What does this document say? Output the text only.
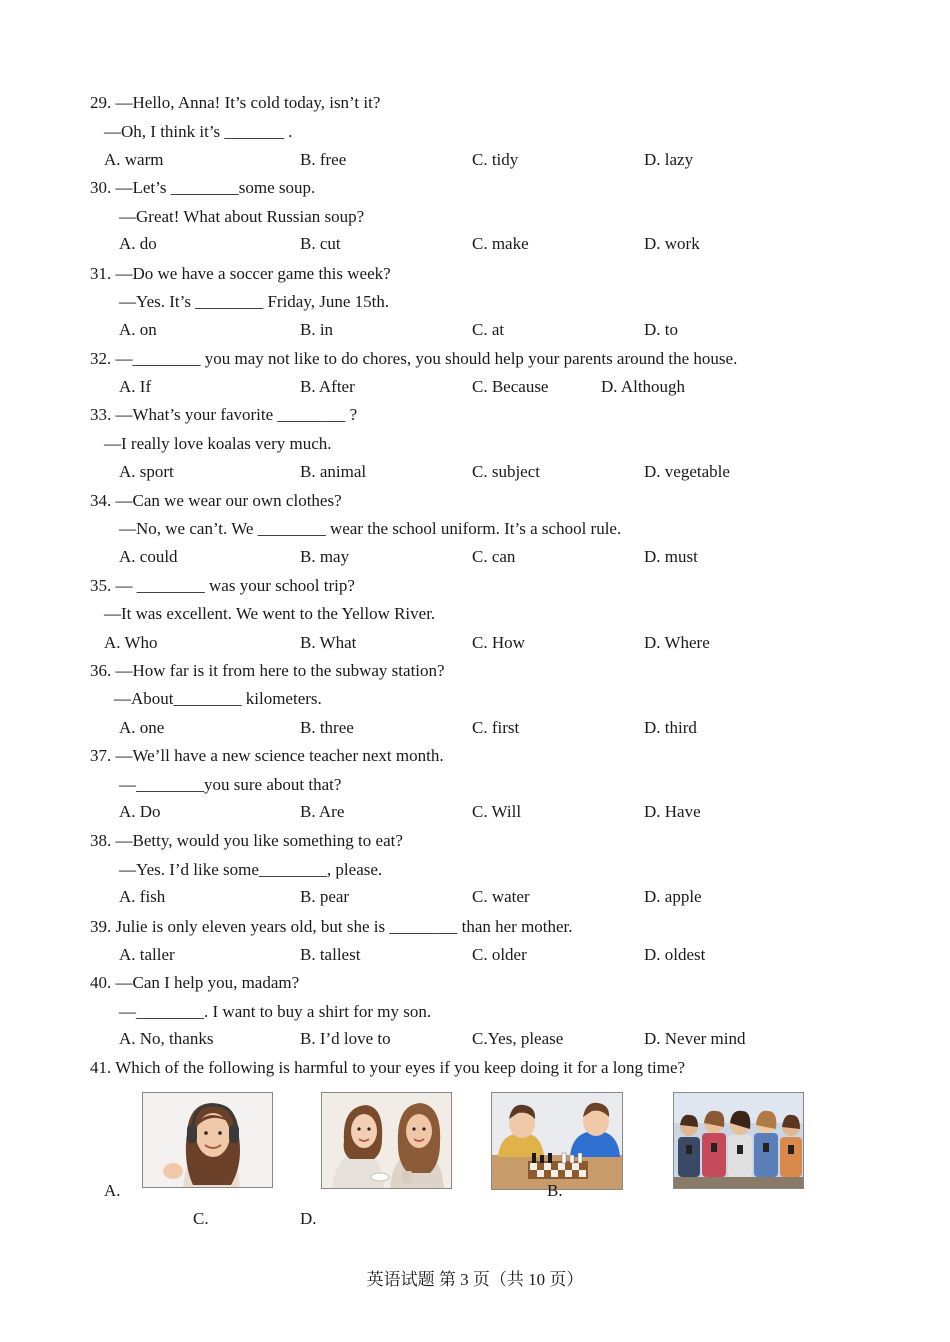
29. —Hello, Anna! It’s cold today, isn’t it?
—Oh, I think it’s _______ .
A. warm	B. free	C. tidy	D. lazy
30. —Let’s ________some soup.
—Great! What about Russian soup?
A. do	B. cut	C. make	D. work
31. —Do we have a soccer game this week?
—Yes. It’s ________ Friday, June 15th.
A. on	B. in	C. at	D. to
32. —________ you may not like to do chores, you should help your parents around the house.
A. If	B. After	C. Because	D. Although
33. —What’s your favorite ________ ?
—I really love koalas very much.
A. sport	B. animal	C. subject	D. vegetable
34. —Can we wear our own clothes?
—No, we can’t. We ________ wear the school uniform. It’s a school rule.
A. could	B. may	C. can	D. must
35. — ________ was your school trip?
—It was excellent. We went to the Yellow River.
A. Who	B. What	C. How	D. Where
36. —How far is it from here to the subway station?
—About________ kilometers.
A. one	B. three	C. first	D. third
37. —We’ll have a new science teacher next month.
—________you sure about that?
A. Do	B. Are	C. Will	D. Have
38. —Betty, would you like something to eat?
—Yes. I’d like some________, please.
A. fish	B. pear	C. water	D. apple
39. Julie is only eleven years old, but she is ________ than her mother.
A. taller	B. tallest	C. older	D. oldest
40. —Can I help you, madam?
—________. I want to buy a shirt for my son.
A. No, thanks	B. I’d love to	C.Yes, please	D. Never mind
41. Which of the following is harmful to your eyes if you keep doing it for a long time?
A.	B.
C.	D.
英语试题 第 3 页（共 10 页）
